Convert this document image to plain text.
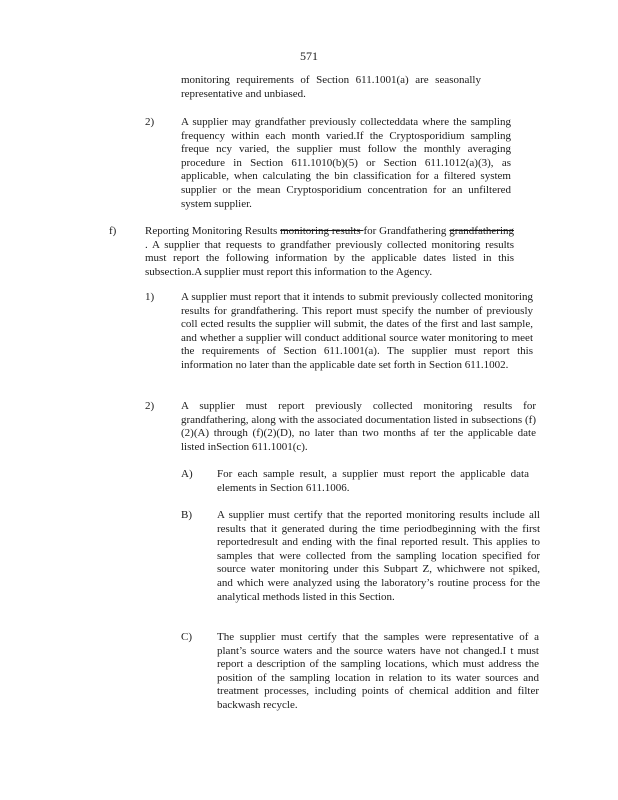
571

monitoring requirements of Section 611.1001(a) are seasonally representative and unbiased.

2) A supplier may grandfather previously collecteddata where the sampling frequency within each month varied.If the Cryptosporidium sampling freque ncy varied, the supplier must follow the monthly averaging procedure in Section 611.1010(b)(5) or Section 611.1012(a)(3), as applicable, when calculating the bin classification for a filtered system supplier or the mean Cryptosporidium concentration for an unfiltered system supplier.

f)	Reporting Monitoring Results monitoring results for Grandfathering grandfathering . A supplier that requests to grandfather previously collected monitoring results must report the following information by the applicable dates listed in this subsection.A supplier must report this information to the Agency.

1) A supplier must report that it intends to submit previously collected monitoring results for grandfathering. This report must specify the number of previously coll ected results the supplier will submit, the dates of the first and last sample, and whether a supplier will conduct additional source water monitoring to meet the requirements of Section 611.1001(a). The supplier must report this information no later than the applicable date set forth in Section 611.1002.

2) A supplier must report previously collected monitoring results for grandfathering, along with the associated documentation listed in subsections (f)(2)(A) through (f)(2)(D), no later than two months af ter the applicable date listed inSection 611.1001(c).

A) For each sample result, a supplier must report the applicable data elements in Section 611.1006.

B) A supplier must certify that the reported monitoring results include all results that it generated during the time periodbeginning with the first reportedresult and ending with the final reported result. This applies to samples that were collected from the sampling location specified for source water monitoring under this Subpart Z, whichwere not spiked, and which were analyzed using the laboratory’s routine process for the analytical methods listed in this Section.

C) The supplier must certify that the samples were representative of a plant’s source waters and the source waters have not changed.I t must report a description of the sampling locations, which must address the position of the sampling location in relation to its water sources and treatment processes, including points of chemical addition and filter backwash recycle.
